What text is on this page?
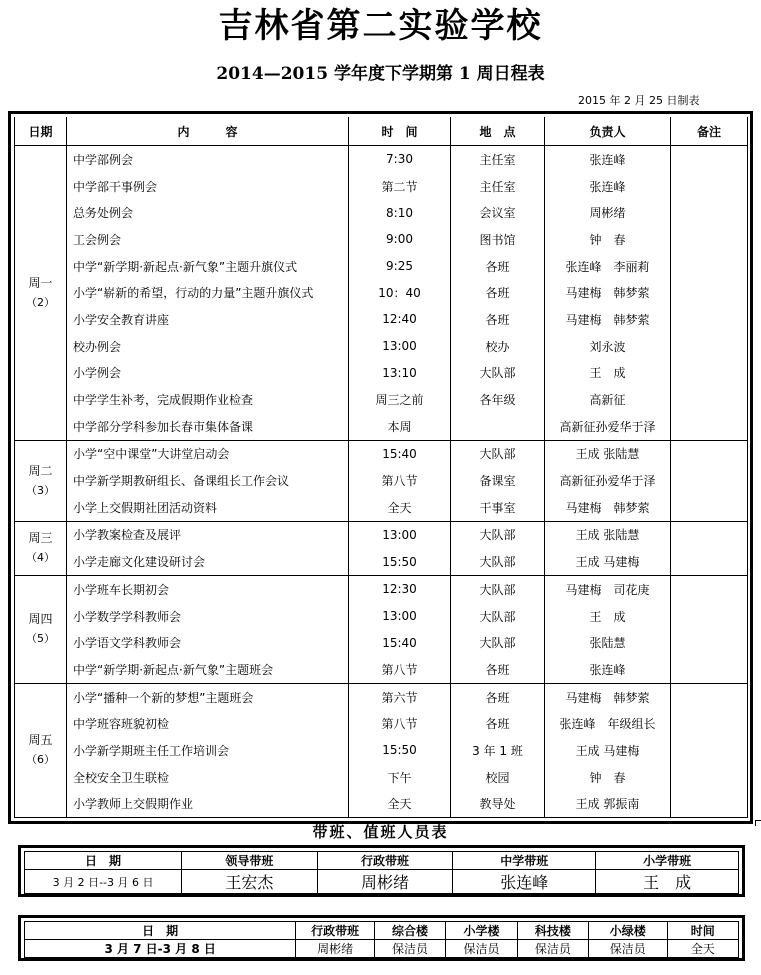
吉林省第二实验学校
2014—2015 学年度下学期第 1 周日程表
2015 年 2 月 25 日制表
日期	内　　　容	时　间	地　点	负责人	备注
周一

（2）	中学部例会	7:30	主任室	张连峰	
	中学部干事例会	第二节	主任室	张连峰	
	总务处例会	8:10	会议室	周彬绪	
	工会例会	9:00	图书馆	钟　春	
	中学“新学期·新起点·新气象”主题升旗仪式	9:25	各班	张连峰　李丽莉	
	小学“崭新的希望，行动的力量”主题升旗仪式	10：40	各班	马建梅　韩梦萦	
	小学安全教育讲座	12:40	各班	马建梅　韩梦萦	
	校办例会	13:00	校办	刘永波	
	小学例会	13:10	大队部	王　成	
	中学学生补考，完成假期作业检查	周三之前	各年级	高新征	
	中学部分学科参加长春市集体备课	本周		高新征孙爱华于泽	
周二

（3）	小学“空中课堂”大讲堂启动会	15:40	大队部	王成 张陆慧	
	中学新学期教研组长、备课组长工作会议	第八节	备课室	高新征孙爱华于泽	
	小学上交假期社团活动资料	全天	干事室	马建梅　韩梦萦	
周三

（4）	小学教案检查及展评	13:00	大队部	王成 张陆慧	
	小学走廊文化建设研讨会	15:50	大队部	王成 马建梅	
周四

（5）	小学班车长期初会	12:30	大队部	马建梅　司花庚	
	小学数学学科教师会	13:00	大队部	王　成	
	小学语文学科教师会	15:40	大队部	张陆慧	
	中学“新学期·新起点·新气象”主题班会	第八节	各班	张连峰	
周五

（6）	小学“播种一个新的梦想”主题班会	第六节	各班	马建梅　韩梦萦	
	中学班容班貌初检	第八节	各班	张连峰　年级组长	
	小学新学期班主任工作培训会	15:50	3 年 1 班	王成 马建梅	
	全校安全卫生联检	下午	校园	钟　春	
	小学教师上交假期作业	全天	教导处	王成 郭振南	
带班、值班人员表
日　期	领导带班	行政带班	中学带班	小学带班
3 月 2 日--3 月 6 日	王宏杰	周彬绪	张连峰	王　成
日　期	行政带班	综合楼	小学楼	科技楼	小绿楼	时间
3 月 7 日-3 月 8 日	周彬绪	保洁员	保洁员	保洁员	保洁员	全天
